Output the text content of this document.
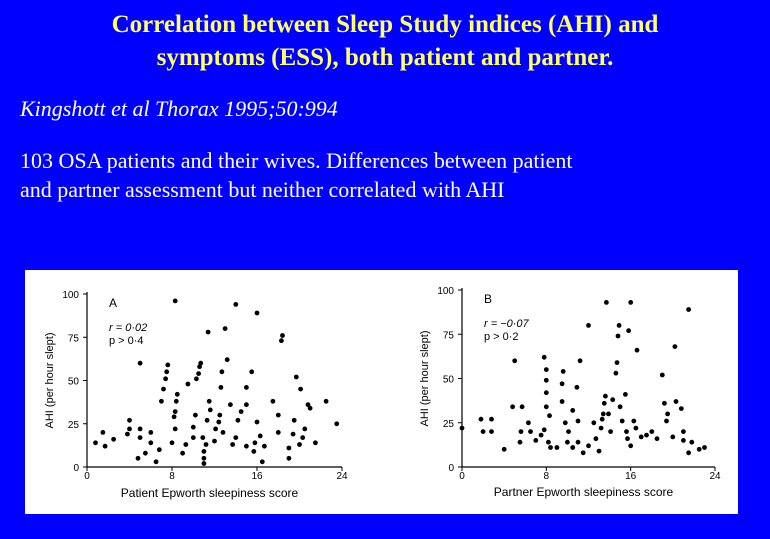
Correlation between Sleep Study indices (AHI) and
symptoms (ESS), both patient and partner.
Kingshott et al Thorax 1995;50:994
103 OSA patients and their wives. Differences between patient
and partner assessment but neither correlated with AHI
0
25
50
75
100
0	8	16	24
Patient Epworth sleepiness score
AHI (per hour slept)
A
r = 0·02
p > 0·4
0
25
50
75
100
0	8	16	24
Partner Epworth sleepiness score
AHI (per hour slept)
B
r = −0·07
p > 0·2
